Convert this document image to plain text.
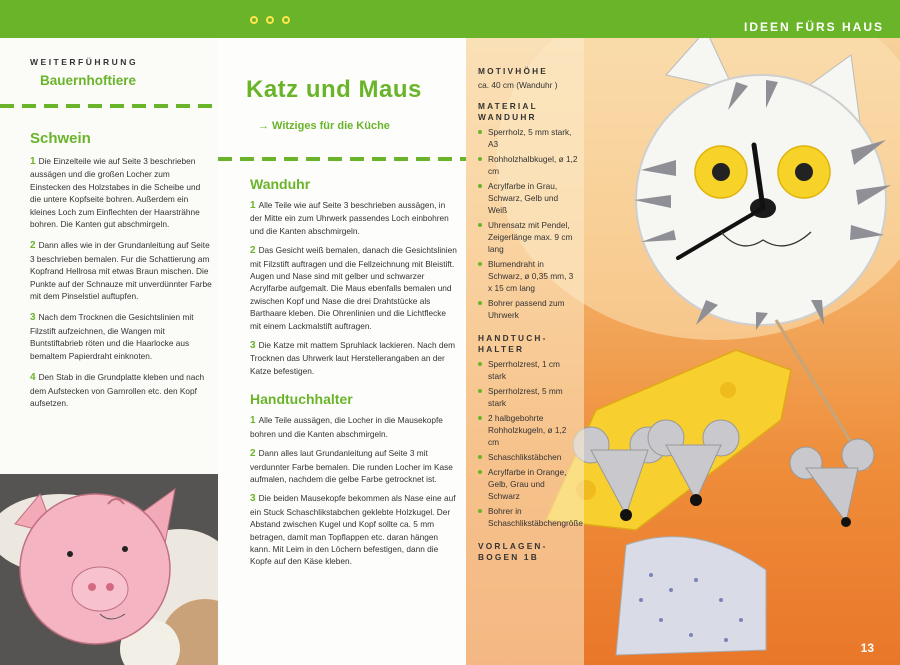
IDEEN FÜRS HAUS
WEITERFÜHRUNG
Bauernhoftiere
Schwein
1 Die Einzelteile wie auf Seite 3 beschrieben aussägen und die großen Locher zum Einstecken des Holzstabes in die Scheibe und die untere Kopfseite bohren. Außerdem ein kleines Loch zum Einflechten der Haarsträhne bohren. Die Kanten gut abschmirgeln.
2 Dann alles wie in der Grundanleitung auf Seite 3 beschrieben bemalen. Fur die Schattierung am Kopfrand Hellrosa mit etwas Braun mischen. Die Punkte auf der Schnauze mit unverdünnter Farbe mit dem Pinselstiel auftupfen.
3 Nach dem Trocknen die Gesichtslinien mit Filzstift aufzeichnen, die Wangen mit Buntstiftabrieb röten und die Haarlocke aus bemaltem Papierdraht einknoten.
4 Den Stab in die Grundplatte kleben und nach dem Aufstecken von Garnrollen etc. den Kopf aufsetzen.
Katz und Maus
→ Witziges für die Küche
Wanduhr
1 Alle Teile wie auf Seite 3 beschrieben aussägen, in der Mitte ein zum Uhrwerk passendes Loch einbohren und die Kanten abschmirgeln.
2 Das Gesicht weiß bemalen, danach die Gesichtslinien mit Filzstift auftragen und die Fellzeichnung mit Bleistift. Augen und Nase sind mit gelber und schwarzer Acrylfarbe aufgemalt. Die Maus ebenfalls bemalen und zwischen Kopf und Nase die drei Drahtstücke als Barthaare kleben. Die Ohrenlinien und die Lichtflecke mit einem Lackmalstift auftragen.
3 Die Katze mit mattem Spruhlack lackieren. Nach dem Trocknen das Uhrwerk laut Herstellerangaben an der Katze befestigen.
Handtuchhalter
1 Alle Teile aussägen, die Locher in die Mausekopfe bohren und die Kanten abschmirgeln.
2 Dann alles laut Grundanleitung auf Seite 3 mit verdunnter Farbe bemalen. Die runden Locher im Kase aufmalen, nachdem die gelbe Farbe getrocknet ist.
3 Die beiden Mausekopfe bekommen als Nase eine auf ein Stuck Schaschlikstabchen geklebte Holzkugel. Der Abstand zwischen Kugel und Kopf sollte ca. 5 mm betragen, damit man Topflappen etc. daran hängen kann. Mit Leim in den Löchern befestigen, dann die Kopfe auf den Käse kleben.
MOTIVHÖHE
ca. 40 cm (Wanduhr )
MATERIAL WANDUHR
Sperrholz, 5 mm stark, A3
Rohholzhalbkugel, ø 1,2 cm
Acrylfarbe in Grau, Schwarz, Gelb und Weiß
Uhrensatz mit Pendel, Zeigerlänge max. 9 cm lang
Blumendraht in Schwarz, ø 0,35 mm, 3 x 15 cm lang
Bohrer passend zum Uhrwerk
HANDTUCH-HALTER
Sperrholzrest, 1 cm stark
Sperrholzrest, 5 mm stark
2 halbgebohrte Rohholzkugeln, ø 1,2 cm
Schaschlikstäbchen
Acrylfarbe in Orange, Gelb, Grau und Schwarz
Bohrer in Schaschlikstäbchengröße
VORLAGEN-BOGEN 1B
13
